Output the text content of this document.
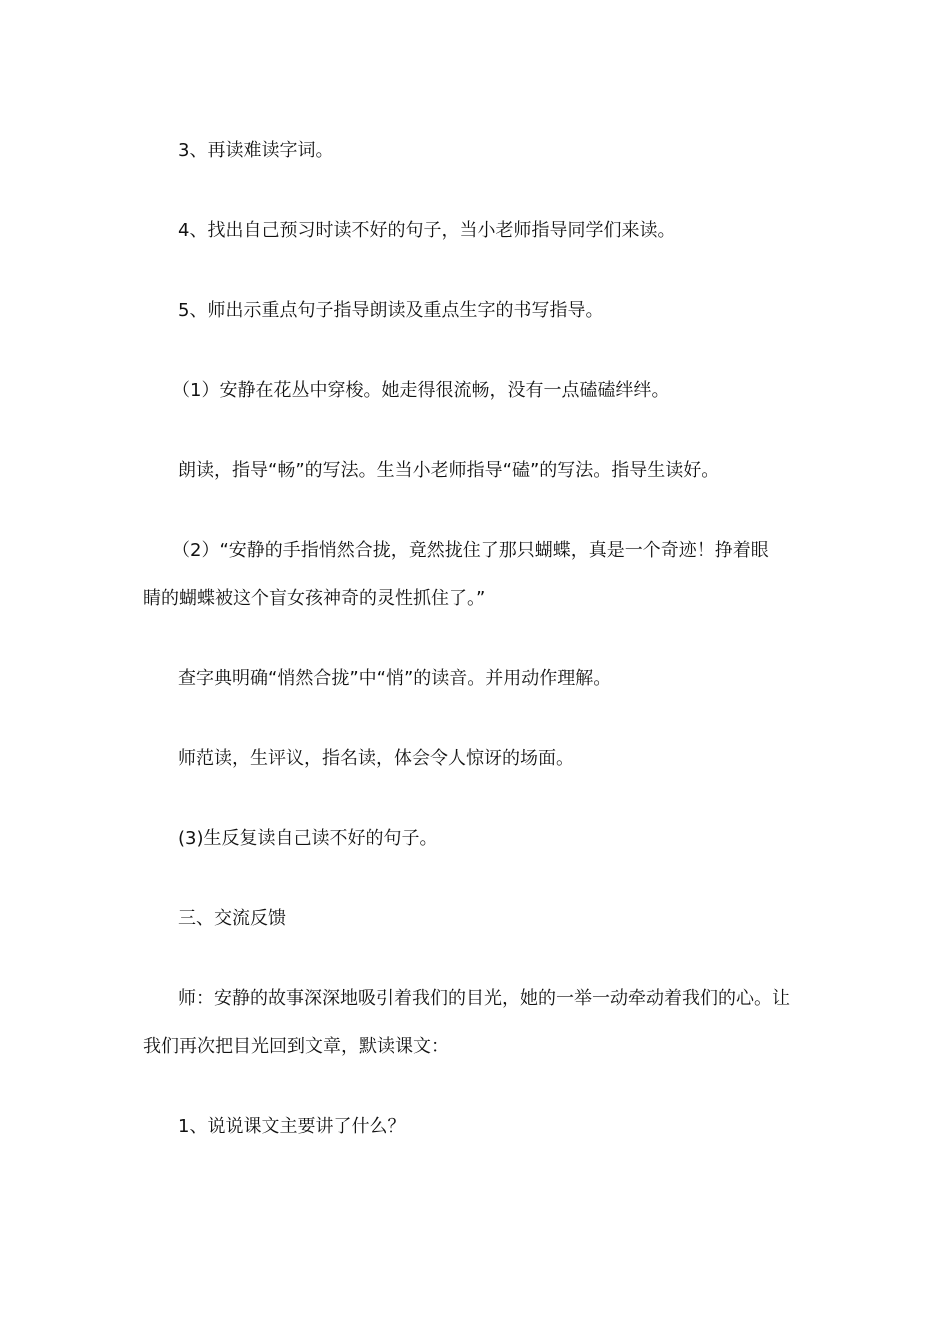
3、再读难读字词。
4、找出自己预习时读不好的句子，当小老师指导同学们来读。
5、师出示重点句子指导朗读及重点生字的书写指导。
（1）安静在花丛中穿梭。她走得很流畅，没有一点磕磕绊绊。
朗读，指导“畅”的写法。生当小老师指导“磕”的写法。指导生读好。
（2）“安静的手指悄然合拢，竟然拢住了那只蝴蝶，真是一个奇迹！挣着眼
睛的蝴蝶被这个盲女孩神奇的灵性抓住了。”
查字典明确“悄然合拢”中“悄”的读音。并用动作理解。
师范读，生评议，指名读，体会令人惊讶的场面。
(3)生反复读自己读不好的句子。
三、交流反馈
师：安静的故事深深地吸引着我们的目光，她的一举一动牵动着我们的心。让
我们再次把目光回到文章，默读课文：
1、说说课文主要讲了什么？
